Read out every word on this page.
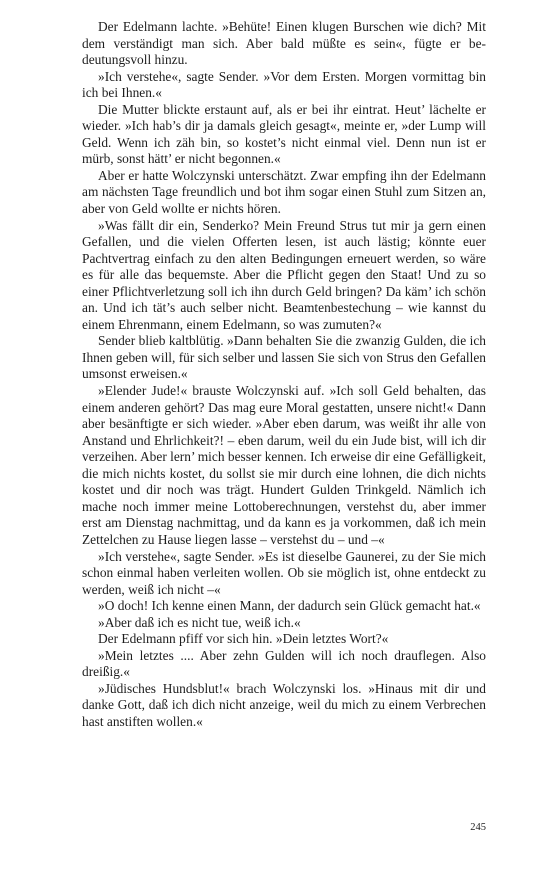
Der Edelmann lachte. »Behüte! Einen klugen Burschen wie dich? Mit dem verständigt man sich. Aber bald müßte es sein«, fügte er bedeutungsvoll hinzu.

»Ich verstehe«, sagte Sender. »Vor dem Ersten. Morgen vormittag bin ich bei Ihnen.«

Die Mutter blickte erstaunt auf, als er bei ihr eintrat. Heut’ lächelte er wieder. »Ich hab’s dir ja damals gleich gesagt«, meinte er, »der Lump will Geld. Wenn ich zäh bin, so kostet’s nicht einmal viel. Denn nun ist er mürb, sonst hätt’ er nicht begonnen.«

Aber er hatte Wolczynski unterschätzt. Zwar empfing ihn der Edelmann am nächsten Tage freundlich und bot ihm sogar einen Stuhl zum Sitzen an, aber von Geld wollte er nichts hören.

»Was fällt dir ein, Senderko? Mein Freund Strus tut mir ja gern einen Gefallen, und die vielen Offerten lesen, ist auch lästig; könnte euer Pachtvertrag einfach zu den alten Bedingungen erneuert werden, so wäre es für alle das bequemste. Aber die Pflicht gegen den Staat! Und zu so einer Pflichtverletzung soll ich ihn durch Geld bringen? Da käm’ ich schön an. Und ich tät’s auch selber nicht. Beamtenbestechung – wie kannst du einem Ehrenmann, einem Edelmann, so was zumuten?«

Sender blieb kaltblütig. »Dann behalten Sie die zwanzig Gulden, die ich Ihnen geben will, für sich selber und lassen Sie sich von Strus den Gefallen umsonst erweisen.«

»Elender Jude!« brauste Wolczynski auf. »Ich soll Geld behalten, das einem anderen gehört? Das mag eure Moral gestatten, unsere nicht!« Dann aber besänftigte er sich wieder. »Aber eben darum, was weißt ihr alle von Anstand und Ehrlichkeit?! – eben darum, weil du ein Jude bist, will ich dir verzeihen. Aber lern’ mich besser kennen. Ich erweise dir eine Gefälligkeit, die mich nichts kostet, du sollst sie mir durch eine lohnen, die dich nichts kostet und dir noch was trägt. Hundert Gulden Trinkgeld. Nämlich ich mache noch immer meine Lottoberechnungen, verstehst du, aber immer erst am Dienstag nachmittag, und da kann es ja vorkommen, daß ich mein Zettelchen zu Hause liegen lasse – verstehst du – und –«

»Ich verstehe«, sagte Sender. »Es ist dieselbe Gaunerei, zu der Sie mich schon einmal haben verleiten wollen. Ob sie möglich ist, ohne entdeckt zu werden, weiß ich nicht –«

»O doch! Ich kenne einen Mann, der dadurch sein Glück gemacht hat.«

»Aber daß ich es nicht tue, weiß ich.«

Der Edelmann pfiff vor sich hin. »Dein letztes Wort?«

»Mein letztes .... Aber zehn Gulden will ich noch drauflegen. Also dreißig.«

»Jüdisches Hundsblut!« brach Wolczynski los. »Hinaus mit dir und danke Gott, daß ich dich nicht anzeige, weil du mich zu einem Verbrechen hast anstiften wollen.«

245
